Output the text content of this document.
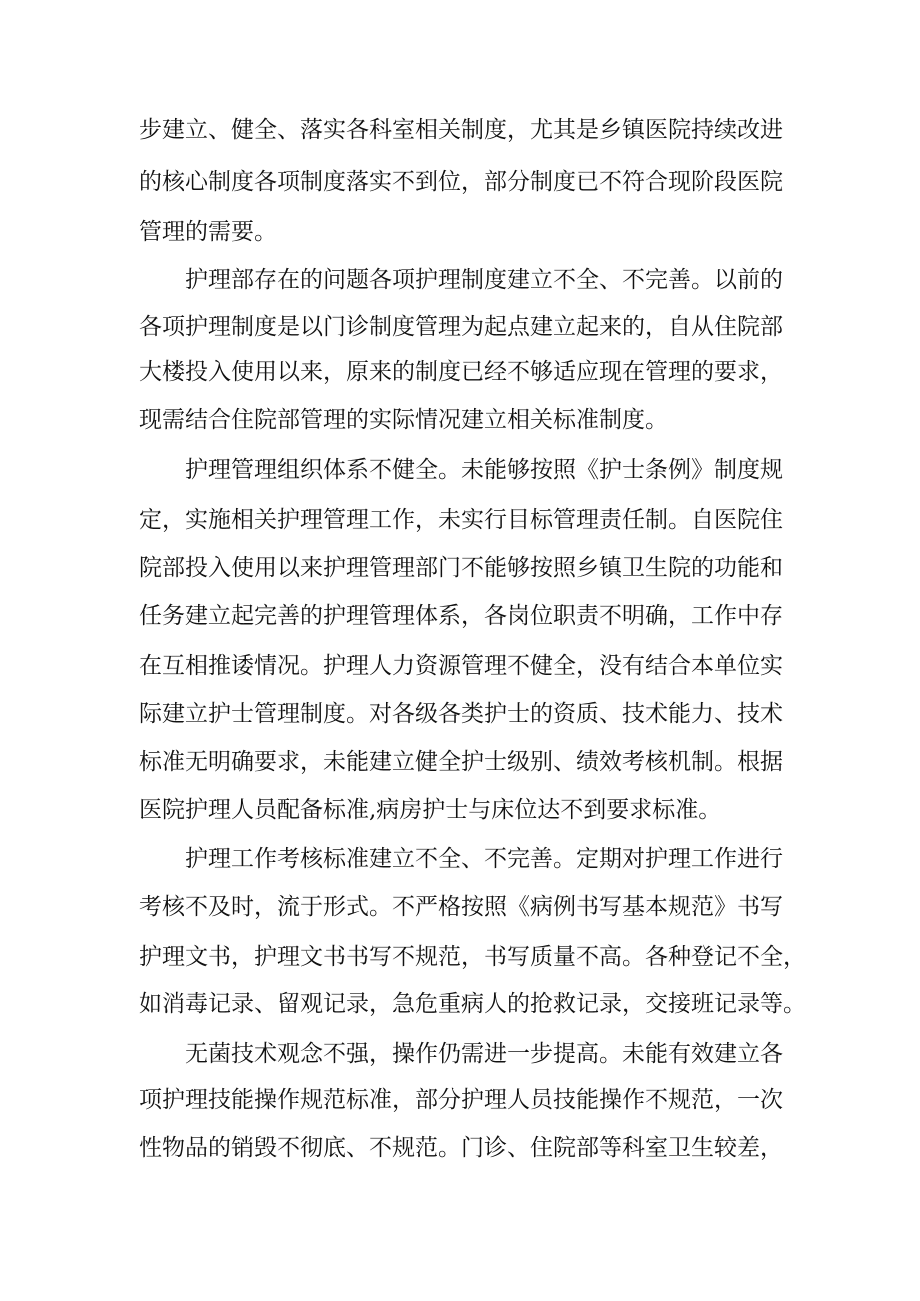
步建立、健全、落实各科室相关制度，尤其是乡镇医院持续改进
的核心制度各项制度落实不到位，部分制度已不符合现阶段医院
管理的需要。
护理部存在的问题各项护理制度建立不全、不完善。以前的
各项护理制度是以门诊制度管理为起点建立起来的，自从住院部
大楼投入使用以来，原来的制度已经不够适应现在管理的要求，
现需结合住院部管理的实际情况建立相关标准制度。
护理管理组织体系不健全。未能够按照《护士条例》制度规
定，实施相关护理管理工作，未实行目标管理责任制。自医院住
院部投入使用以来护理管理部门不能够按照乡镇卫生院的功能和
任务建立起完善的护理管理体系，各岗位职责不明确，工作中存
在互相推诿情况。护理人力资源管理不健全，没有结合本单位实
际建立护士管理制度。对各级各类护士的资质、技术能力、技术
标准无明确要求，未能建立健全护士级别、绩效考核机制。根据
医院护理人员配备标准,病房护士与床位达不到要求标准。
护理工作考核标准建立不全、不完善。定期对护理工作进行
考核不及时，流于形式。不严格按照《病例书写基本规范》书写
护理文书，护理文书书写不规范，书写质量不高。各种登记不全，
如消毒记录、留观记录，急危重病人的抢救记录，交接班记录等。
无菌技术观念不强，操作仍需进一步提高。未能有效建立各
项护理技能操作规范标准，部分护理人员技能操作不规范，一次
性物品的销毁不彻底、不规范。门诊、住院部等科室卫生较差，
